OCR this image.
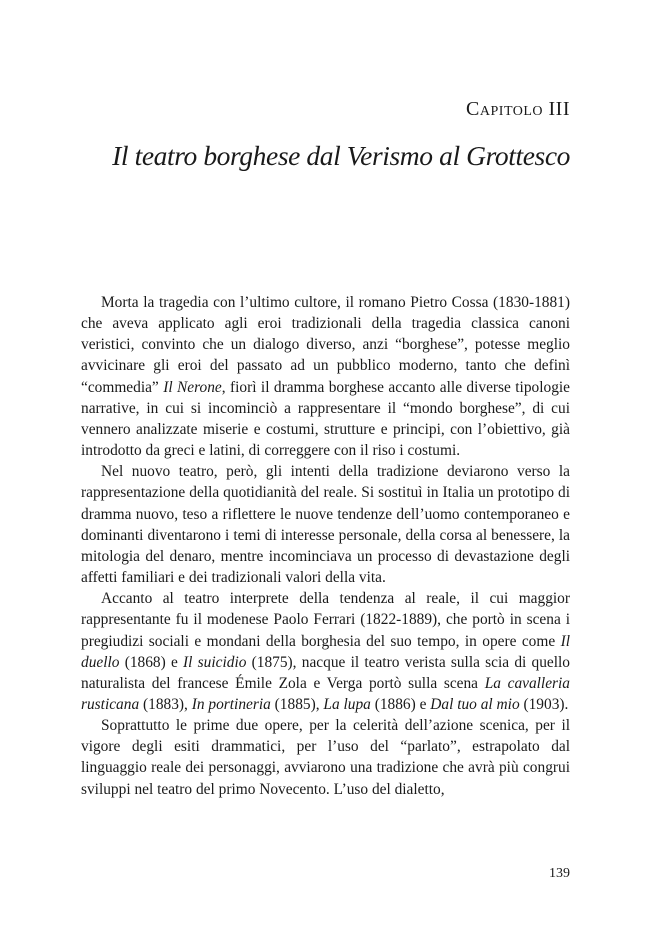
Capitolo III
Il teatro borghese dal Verismo al Grottesco

Morta la tragedia con l’ultimo cultore, il romano Pietro Cossa (1830-1881) che aveva applicato agli eroi tradizionali della tragedia classica canoni veristici, convinto che un dialogo diverso, anzi “borghese”, potesse meglio avvicinare gli eroi del passato ad un pubblico moderno, tanto che definì “commedia” Il Nerone, fiorì il dramma borghese accanto alle diverse tipologie narrative, in cui si incominciò a rappresentare il “mondo borghese”, di cui vennero analizzate miserie e costumi, strutture e principi, con l’obiettivo, già introdotto da greci e latini, di correggere con il riso i costumi.

Nel nuovo teatro, però, gli intenti della tradizione deviarono verso la rappresentazione della quotidianità del reale. Si sostituì in Italia un prototipo di dramma nuovo, teso a riflettere le nuove tendenze dell’uomo contemporaneo e dominanti diventarono i temi di interesse personale, della corsa al benessere, la mitologia del denaro, mentre incominciava un processo di devastazione degli affetti familiari e dei tradizionali valori della vita.

Accanto al teatro interprete della tendenza al reale, il cui maggior rappresentante fu il modenese Paolo Ferrari (1822-1889), che portò in scena i pregiudizi sociali e mondani della borghesia del suo tempo, in opere come Il duello (1868) e Il suicidio (1875), nacque il teatro verista sulla scia di quello naturalista del francese Émile Zola e Verga portò sulla scena La cavalleria rusticana (1883), In portineria (1885), La lupa (1886) e Dal tuo al mio (1903).

Soprattutto le prime due opere, per la celerità dell’azione scenica, per il vigore degli esiti drammatici, per l’uso del “parlato”, estrapolato dal linguaggio reale dei personaggi, avviarono una tradizione che avrà più congrui sviluppi nel teatro del primo Novecento. L’uso del dialetto,

139
